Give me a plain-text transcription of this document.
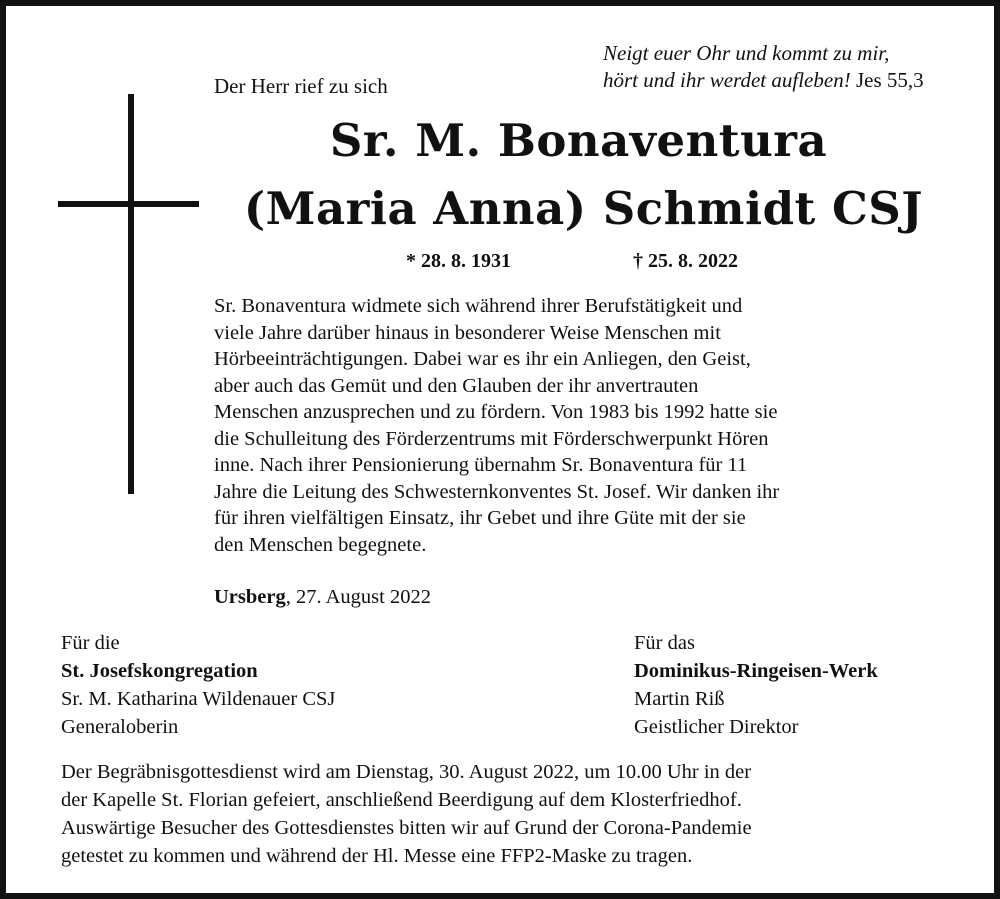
Neigt euer Ohr und kommt zu mir,
hört und ihr werdet aufleben! Jes 55,3
Der Herr rief zu sich
Sr. M. Bonaventura
(Maria Anna) Schmidt CSJ
* 28. 8. 1931	† 25. 8. 2022
Sr. Bonaventura widmete sich während ihrer Berufstätigkeit und
viele Jahre darüber hinaus in besonderer Weise Menschen mit
Hörbeeinträchtigungen. Dabei war es ihr ein Anliegen, den Geist,
aber auch das Gemüt und den Glauben der ihr anvertrauten
Menschen anzusprechen und zu fördern. Von 1983 bis 1992 hatte sie
die Schulleitung des Förderzentrums mit Förderschwerpunkt Hören
inne. Nach ihrer Pensionierung übernahm Sr. Bonaventura für 11
Jahre die Leitung des Schwesternkonventes St. Josef. Wir danken ihr
für ihren vielfältigen Einsatz, ihr Gebet und ihre Güte mit der sie
den Menschen begegnete.
Ursberg, 27. August 2022
Für die
St. Josefskongregation
Sr. M. Katharina Wildenauer CSJ
Generaloberin
Für das
Dominikus-Ringeisen-Werk
Martin Riß
Geistlicher Direktor
Der Begräbnisgottesdienst wird am Dienstag, 30. August 2022, um 10.00 Uhr in der
der Kapelle St. Florian gefeiert, anschließend Beerdigung auf dem Klosterfriedhof.
Auswärtige Besucher des Gottesdienstes bitten wir auf Grund der Corona-Pandemie
getestet zu kommen und während der Hl. Messe eine FFP2-Maske zu tragen.
